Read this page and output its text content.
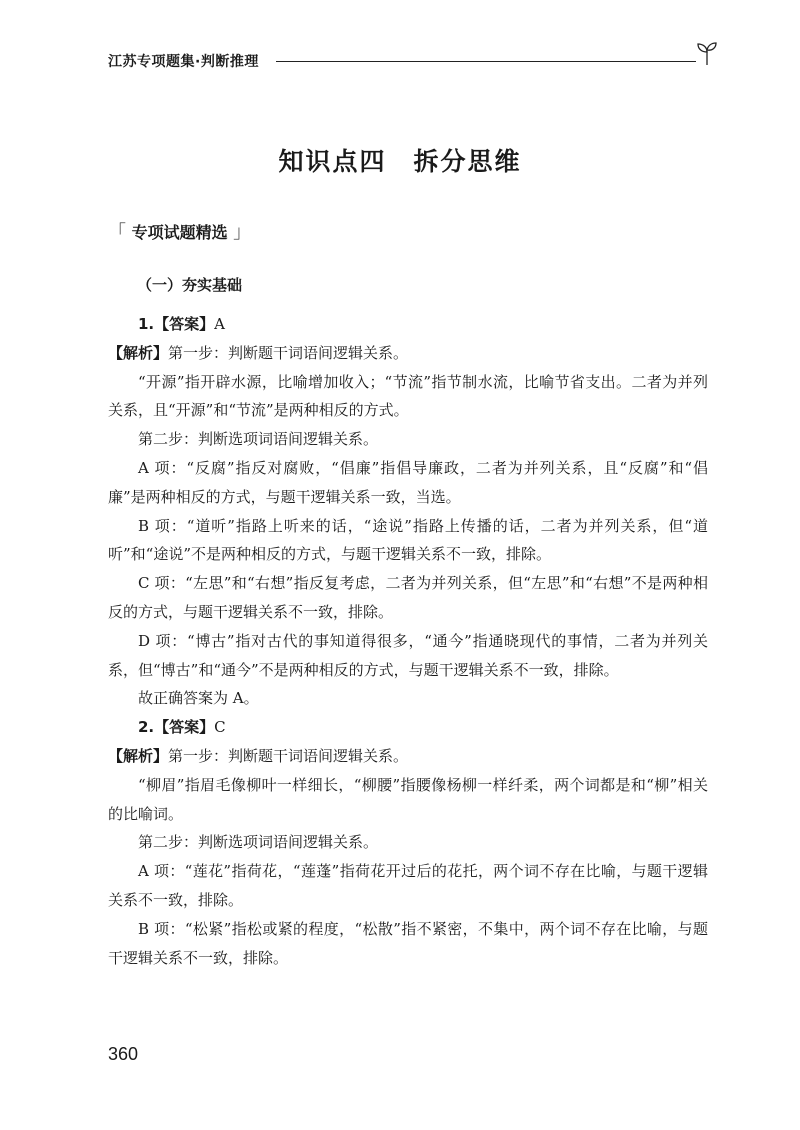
江苏专项题集·判断推理
知识点四　拆分思维
「 专项试题精选 」
（一）夯实基础

1.【答案】A

【解析】第一步：判断题干词语间逻辑关系。

“开源”指开辟水源，比喻增加收入；“节流”指节制水流，比喻节省支出。二者为并列关系，且“开源”和“节流”是两种相反的方式。

第二步：判断选项词语间逻辑关系。

A 项：“反腐”指反对腐败，“倡廉”指倡导廉政，二者为并列关系，且“反腐”和“倡廉”是两种相反的方式，与题干逻辑关系一致，当选。

B 项：“道听”指路上听来的话，“途说”指路上传播的话，二者为并列关系，但“道听”和“途说”不是两种相反的方式，与题干逻辑关系不一致，排除。

C 项：“左思”和“右想”指反复考虑，二者为并列关系，但“左思”和“右想”不是两种相反的方式，与题干逻辑关系不一致，排除。

D 项：“博古”指对古代的事知道得很多，“通今”指通晓现代的事情，二者为并列关系，但“博古”和“通今”不是两种相反的方式，与题干逻辑关系不一致，排除。

故正确答案为 A。

2.【答案】C

【解析】第一步：判断题干词语间逻辑关系。

“柳眉”指眉毛像柳叶一样细长，“柳腰”指腰像杨柳一样纤柔，两个词都是和“柳”相关的比喻词。

第二步：判断选项词语间逻辑关系。

A 项：“莲花”指荷花，“莲蓬”指荷花开过后的花托，两个词不存在比喻，与题干逻辑关系不一致，排除。

B 项：“松紧”指松或紧的程度，“松散”指不紧密，不集中，两个词不存在比喻，与题干逻辑关系不一致，排除。

360
